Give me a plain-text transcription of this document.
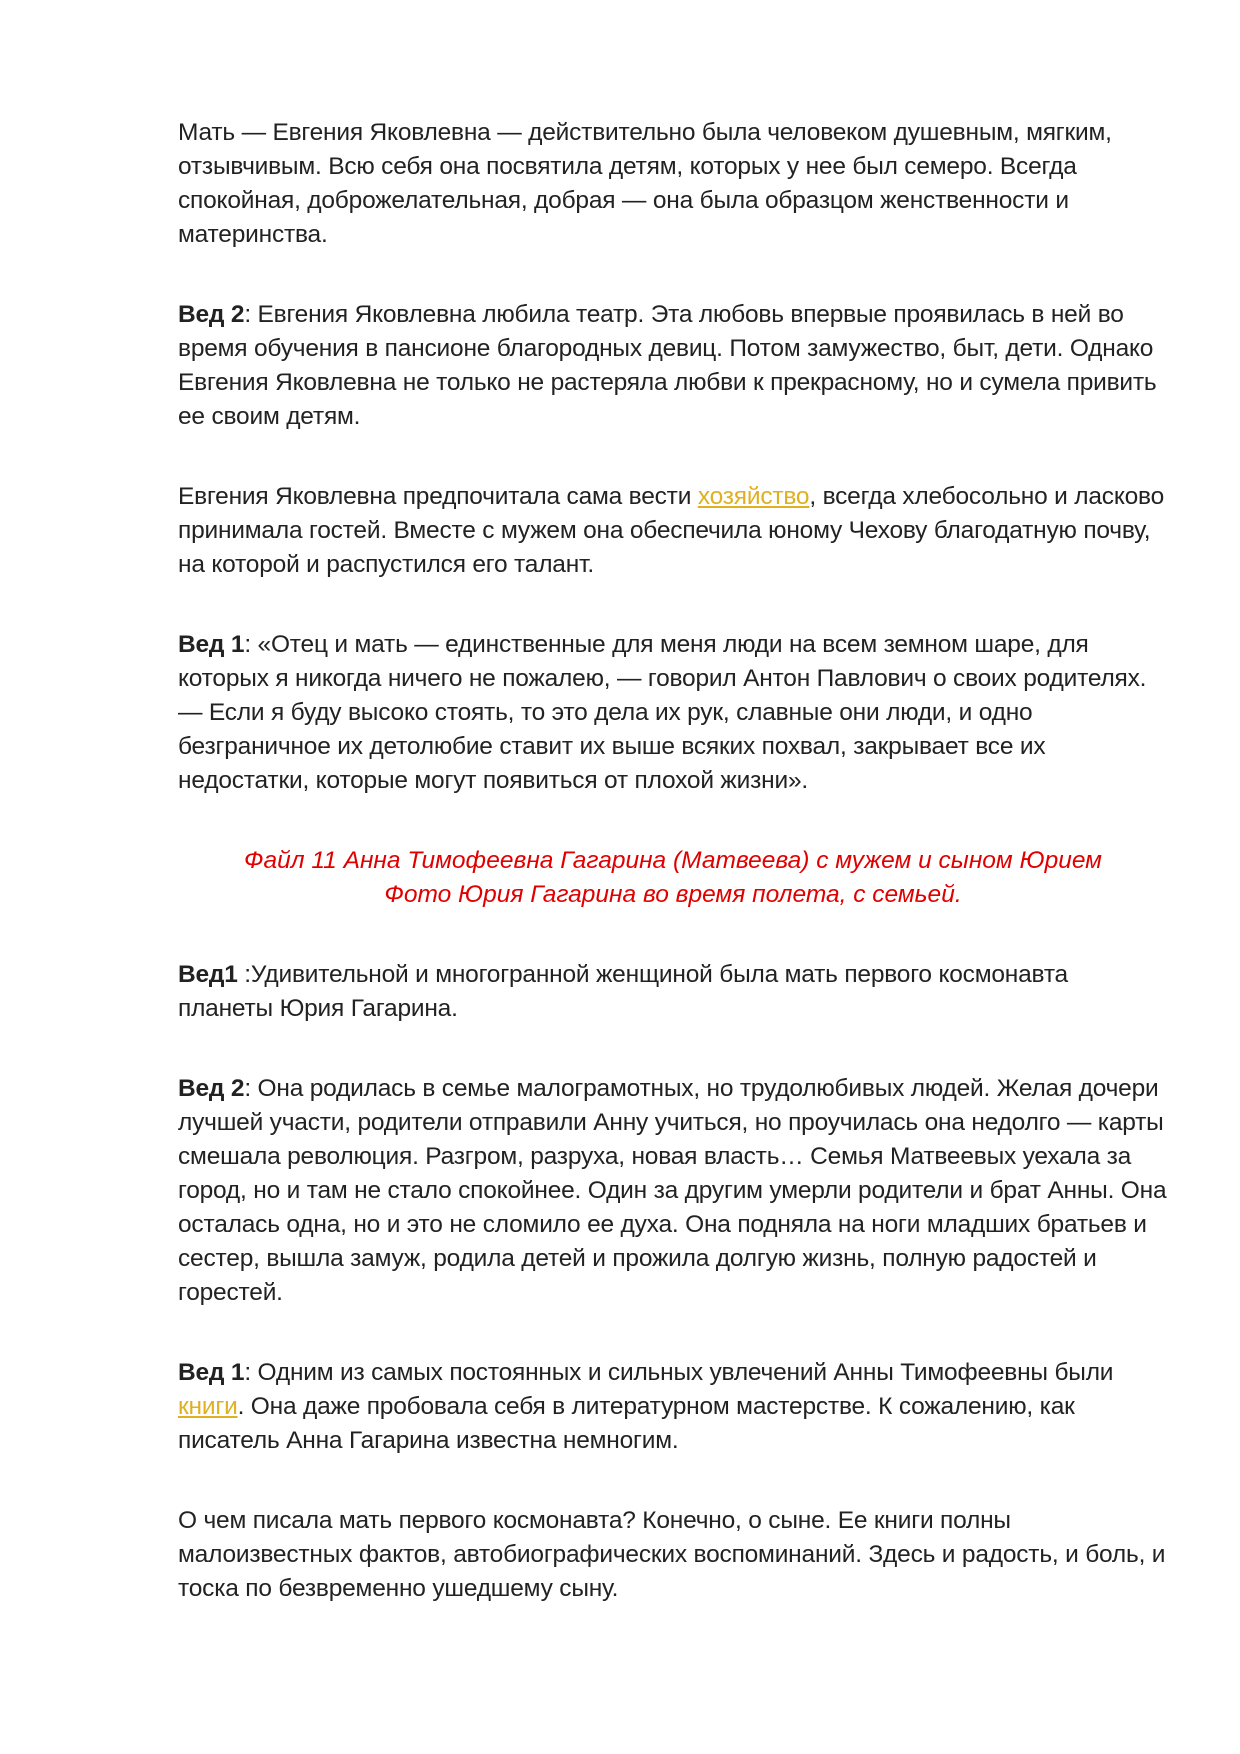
Мать — Евгения Яковлевна — действительно была человеком душевным, мягким, отзывчивым. Всю себя она посвятила детям, которых у нее был семеро. Всегда спокойная, доброжелательная, добрая — она была образцом женственности и материнства.

Вед 2: Евгения Яковлевна любила театр. Эта любовь впервые проявилась в ней во время обучения в пансионе благородных девиц. Потом замужество, быт, дети. Однако Евгения Яковлевна не только не растеряла любви к прекрасному, но и сумела привить ее своим детям.

Евгения Яковлевна предпочитала сама вести хозяйство, всегда хлебосольно и ласково принимала гостей. Вместе с мужем она обеспечила юному Чехову благодатную почву, на которой и распустился его талант.

Вед 1: «Отец и мать — единственные для меня люди на всем земном шаре, для которых я никогда ничего не пожалею, — говорил Антон Павлович о своих родителях. — Если я буду высоко стоять, то это дела их рук, славные они люди, и одно безграничное их детолюбие ставит их выше всяких похвал, закрывает все их недостатки, которые могут появиться от плохой жизни».

Файл 11 Анна Тимофеевна Гагарина (Матвеева) с мужем и сыном Юрием
Фото Юрия Гагарина во время полета, с семьей.

Вед1 :Удивительной и многогранной женщиной была мать первого космонавта планеты Юрия Гагарина.

Вед 2: Она родилась в семье малограмотных, но трудолюбивых людей. Желая дочери лучшей участи, родители отправили Анну учиться, но проучилась она недолго — карты смешала революция. Разгром, разруха, новая власть… Семья Матвеевых уехала за город, но и там не стало спокойнее. Один за другим умерли родители и брат Анны. Она осталась одна, но и это не сломило ее духа. Она подняла на ноги младших братьев и сестер, вышла замуж, родила детей и прожила долгую жизнь, полную радостей и горестей.

Вед 1: Одним из самых постоянных и сильных увлечений Анны Тимофеевны были книги. Она даже пробовала себя в литературном мастерстве. К сожалению, как писатель Анна Гагарина известна немногим.

О чем писала мать первого космонавта? Конечно, о сыне. Ее книги полны малоизвестных фактов, автобиографических воспоминаний. Здесь и радость, и боль, и тоска по безвременно ушедшему сыну.
